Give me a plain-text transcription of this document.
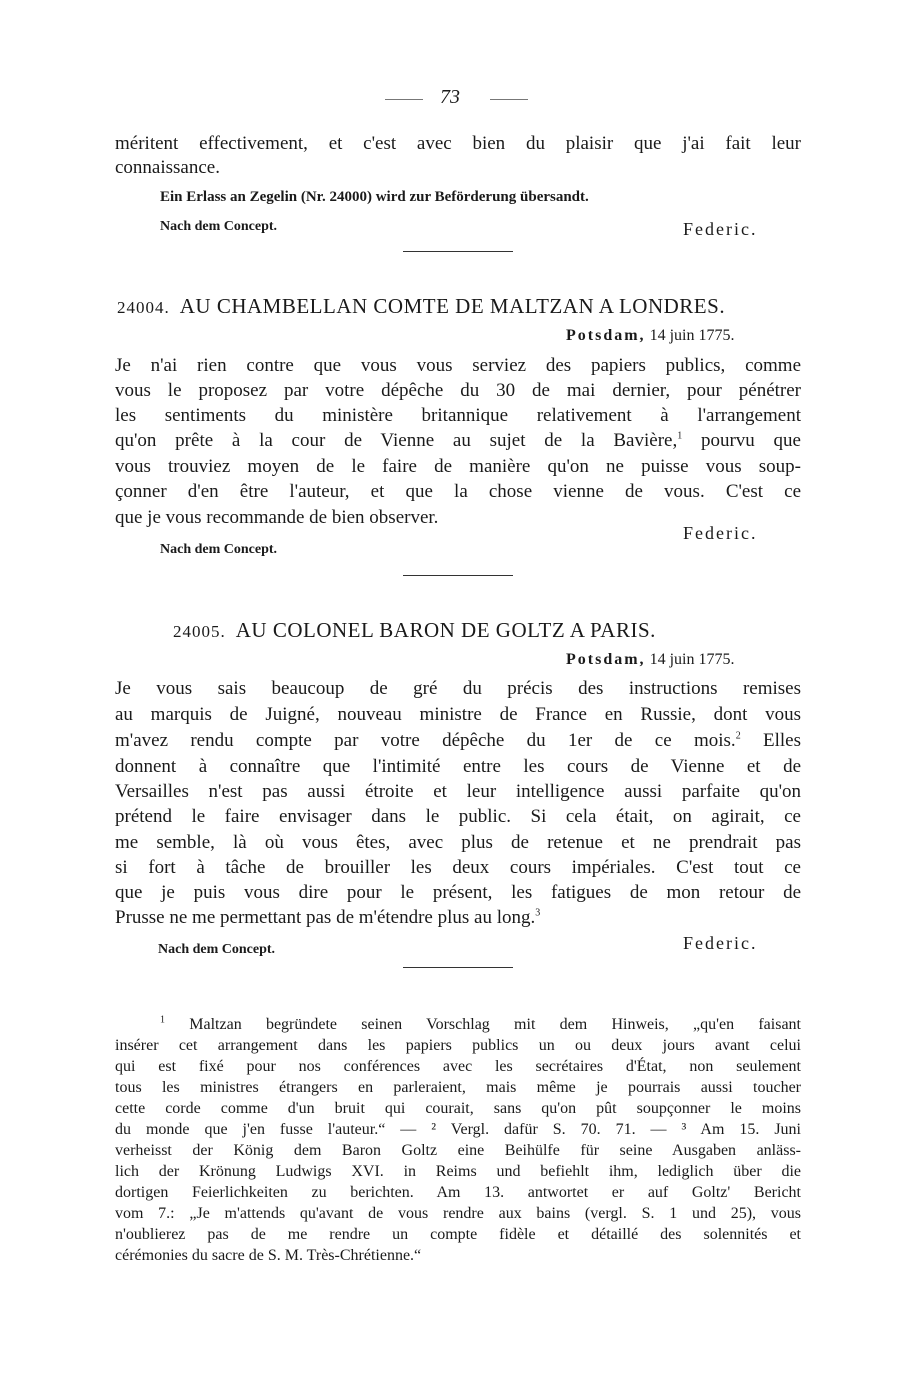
73
méritent effectivement, et c'est avec bien du plaisir que j'ai fait leur
connaissance.
Ein Erlass an Zegelin (Nr. 24000) wird zur Beförderung übersandt.
Nach dem Concept.	Federic.
24004. AU CHAMBELLAN COMTE DE MALTZAN A LONDRES.
Potsdam, 14 juin 1775.
Je n'ai rien contre que vous vous serviez des papiers publics, comme
vous le proposez par votre dépêche du 30 de mai dernier, pour pénétrer
les sentiments du ministère britannique relativement à l'arrangement
qu'on prête à la cour de Vienne au sujet de la Bavière,$^1$ pourvu que
vous trouviez moyen de le faire de manière qu'on ne puisse vous soup-
çonner d'en être l'auteur, et que la chose vienne de vous. C'est ce
que je vous recommande de bien observer.
Federic.
Nach dem Concept.
24005. AU COLONEL BARON DE GOLTZ A PARIS.
Potsdam, 14 juin 1775.
Je vous sais beaucoup de gré du précis des instructions remises
au marquis de Juigné, nouveau ministre de France en Russie, dont vous
m'avez rendu compte par votre dépêche du 1er de ce mois.$^2$ Elles
donnent à connaître que l'intimité entre les cours de Vienne et de
Versailles n'est pas aussi étroite et leur intelligence aussi parfaite qu'on
prétend le faire envisager dans le public. Si cela était, on agirait, ce
me semble, là où vous êtes, avec plus de retenue et ne prendrait pas
si fort à tâche de brouiller les deux cours impériales. C'est tout ce
que je puis vous dire pour le présent, les fatigues de mon retour de
Prusse ne me permettant pas de m'étendre plus au long.$^3$
Federic.
Nach dem Concept.
$^1$ Maltzan begründete seinen Vorschlag mit dem Hinweis, „qu'en faisant
insérer cet arrangement dans les papiers publics un ou deux jours avant celui
qui est fixé pour nos conférences avec les secrétaires d'État, non seulement
tous les ministres étrangers en parleraient, mais même je pourrais aussi toucher
cette corde comme d'un bruit qui courait, sans qu'on pût soupçonner le moins
du monde que j'en fusse l'auteur.“ — ² Vergl. dafür S. 70. 71. — ³ Am 15. Juni
verheisst der König dem Baron Goltz eine Beihülfe für seine Ausgaben anläss-
lich der Krönung Ludwigs XVI. in Reims und befiehlt ihm, lediglich über die
dortigen Feierlichkeiten zu berichten. Am 13. antwortet er auf Goltz' Bericht
vom 7.: „Je m'attends qu'avant de vous rendre aux bains (vergl. S. 1 und 25), vous
n'oublierez pas de me rendre un compte fidèle et détaillé des solennités et
cérémonies du sacre de S. M. Très-Chrétienne.“
